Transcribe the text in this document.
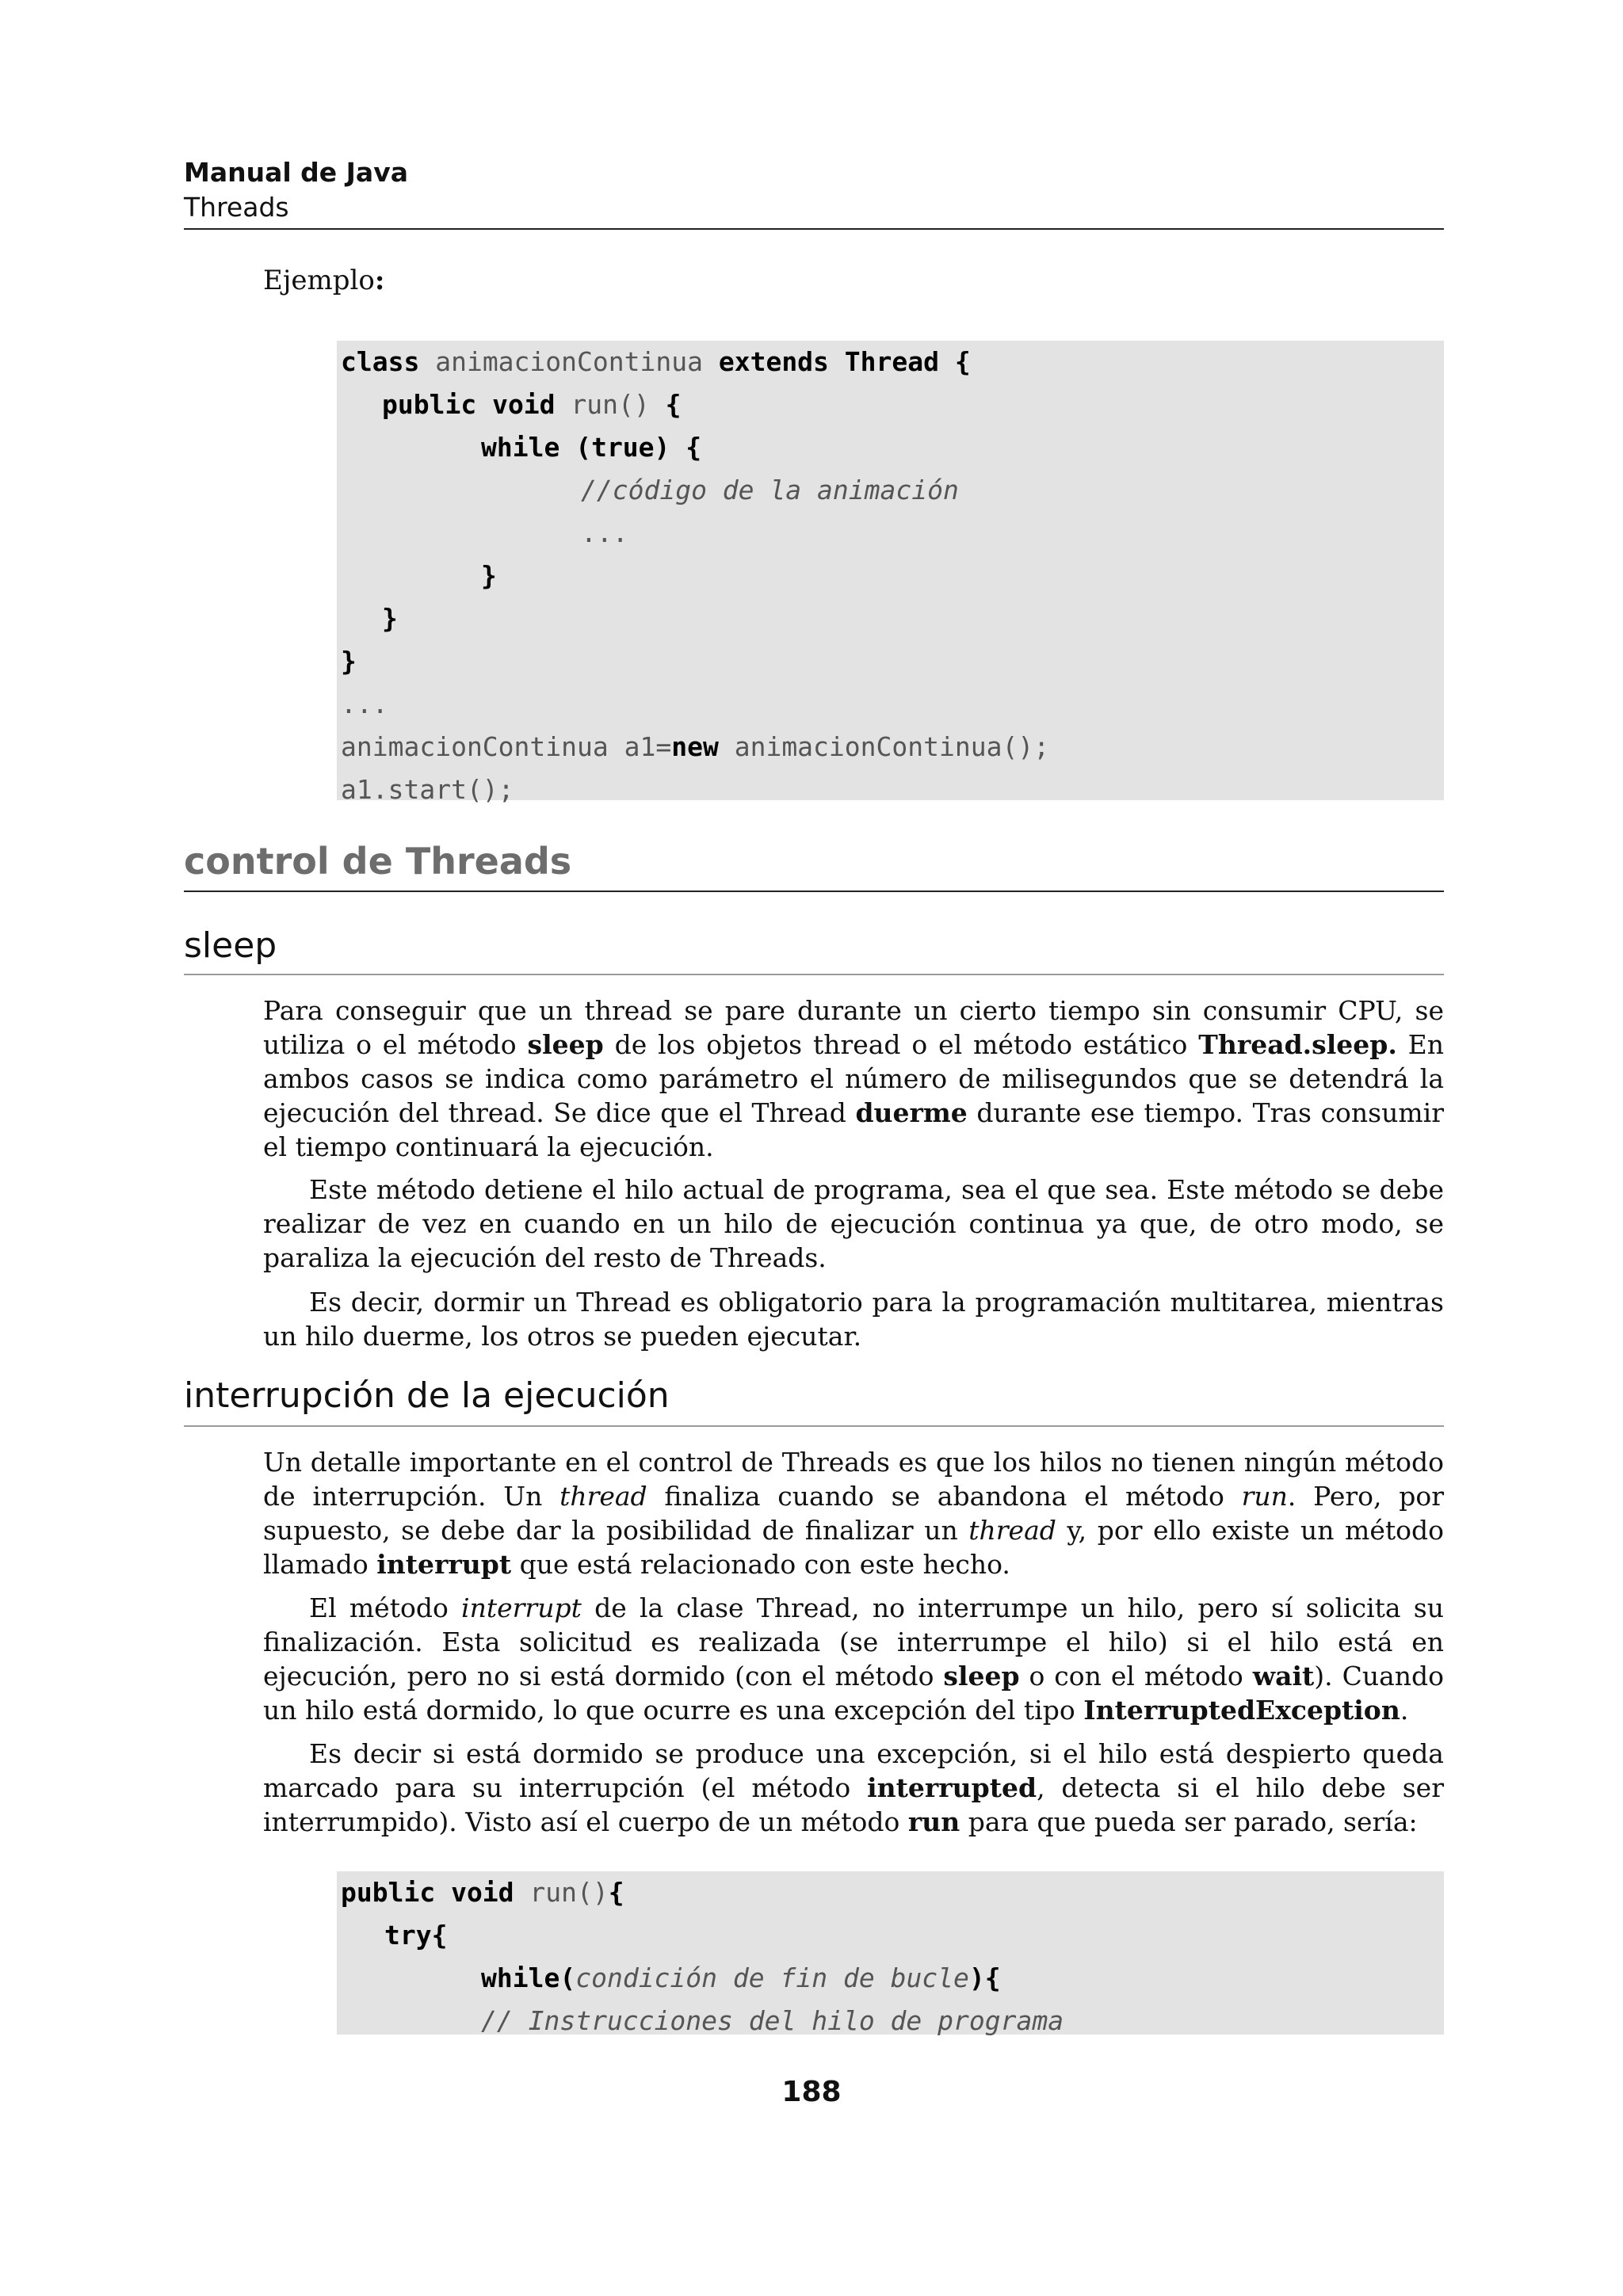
Manual de Java
Threads
Ejemplo:
class animacionContinua extends Thread {
public void run() {
while (true) {
//código de la animación
...
}
}
}
...
animacionContinua a1=new animacionContinua();
a1.start();
control de Threads
sleep
Para conseguir que un thread se pare durante un cierto tiempo sin consumir CPU, se utiliza o el método sleep de los objetos thread o el método estático Thread.sleep. En ambos casos se indica como parámetro el número de milisegundos que se detendrá la ejecución del thread. Se dice que el Thread duerme durante ese tiempo. Tras consumir el tiempo continuará la ejecución.
Este método detiene el hilo actual de programa, sea el que sea. Este método se debe realizar de vez en cuando en un hilo de ejecución continua ya que, de otro modo, se paraliza la ejecución del resto de Threads.
Es decir, dormir un Thread es obligatorio para la programación multitarea, mientras un hilo duerme, los otros se pueden ejecutar.
interrupción de la ejecución
Un detalle importante en el control de Threads es que los hilos no tienen ningún método de interrupción. Un thread finaliza cuando se abandona el método run. Pero, por supuesto, se debe dar la posibilidad de finalizar un thread y, por ello existe un método llamado interrupt que está relacionado con este hecho.
El método interrupt de la clase Thread, no interrumpe un hilo, pero sí solicita su finalización. Esta solicitud es realizada (se interrumpe el hilo) si el hilo está en ejecución, pero no si está dormido (con el método sleep o con el método wait). Cuando un hilo está dormido, lo que ocurre es una excepción del tipo InterruptedException.
Es decir si está dormido se produce una excepción, si el hilo está despierto queda marcado para su interrupción (el método interrupted, detecta si el hilo debe ser interrumpido). Visto así el cuerpo de un método run para que pueda ser parado, sería:
public void run(){
try{
while(condición de fin de bucle){
// Instrucciones del hilo de programa
188
